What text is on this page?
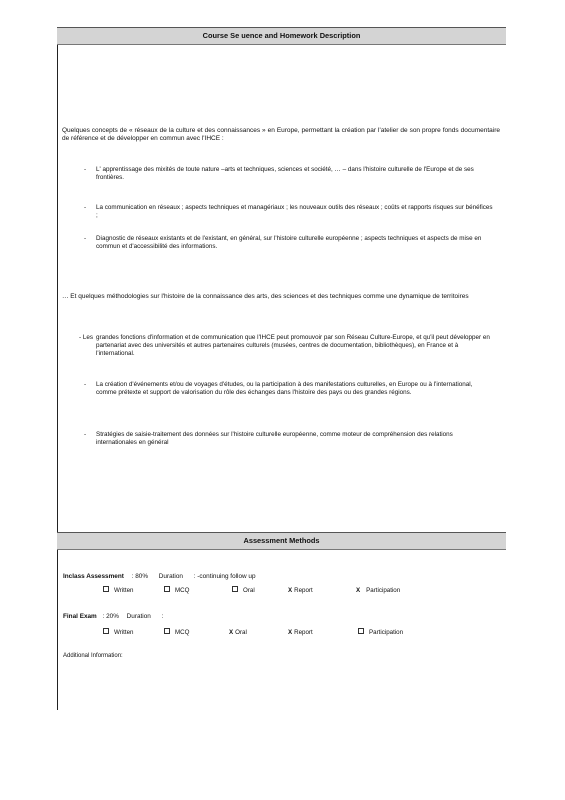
Course Se uence and Homework Description
Quelques concepts de « réseaux de la culture et des connaissances » en Europe, permettant la création par l'atelier de son propre fonds documentaire de référence et de développer en commun avec l'IHCE :
- L' apprentissage des mixités de toute nature –arts et techniques, sciences et société, … – dans l'histoire culturelle de l'Europe et de ses frontières.
- La communication en réseaux ; aspects techniques et managériaux ; les nouveaux outils des réseaux ; coûts et rapports risques sur bénéfices ;
- Diagnostic de réseaux existants et de l'existant, en général, sur l'histoire culturelle européenne ; aspects techniques et aspects de mise en commun et d'accessibilité des informations.
… Et quelques méthodologies sur l'histoire de la connaissance des arts, des sciences et des techniques comme une dynamique de territoires
- Les grandes fonctions d'information et de communication que l'IHCE peut promouvoir par son Réseau Culture-Europe, et qu'il peut développer en partenariat avec des universités et autres partenaires culturels (musées, centres de documentation, bibliothèques), en France et à l'international.
- La création d'événements et/ou de voyages d'études, ou la participation à des manifestations culturelles, en Europe ou à l'international, comme prétexte et support de valorisation du rôle des échanges dans l'histoire des pays ou des grandes régions.
- Stratégies de saisie-traitement des données sur l'histoire culturelle européenne, comme moteur de compréhension des relations internationales en général
Assessment Methods
Inclass Assessment : 80% Duration : -continuing follow up
Written	MCQ	Oral	X Report	X Participation
Final Exam : 20% Duration :
Written	MCQ	X Oral	X Report	Participation
Additional Information:
